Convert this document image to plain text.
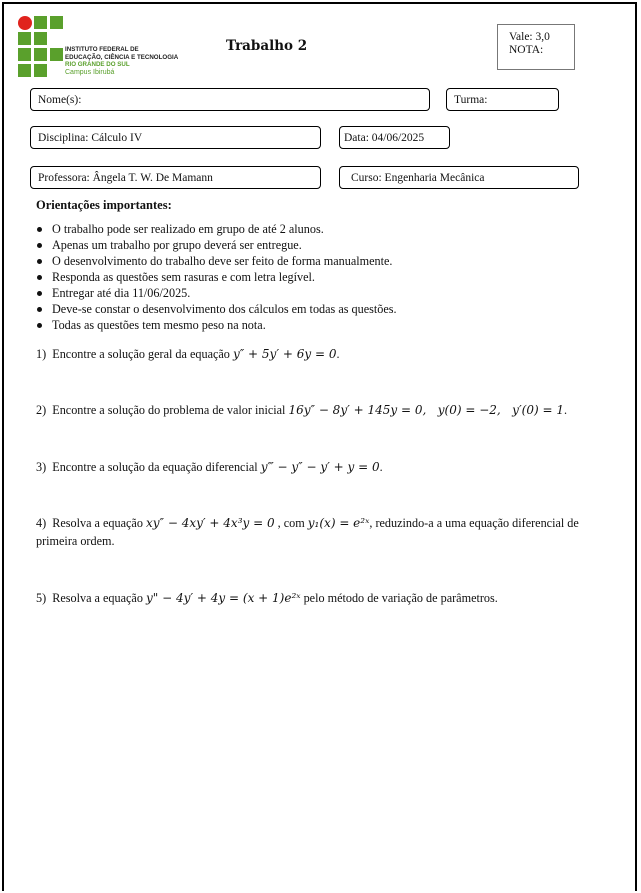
INSTITUTO FEDERAL DE
EDUCAÇÃO, CIÊNCIA E TECNOLOGIA
RIO GRANDE DO SUL
Campus Ibirubá
Trabalho 2
Vale: 3,0
NOTA:
Nome(s):	Turma:
Disciplina: Cálculo IV	Data: 04/06/2025
Professora: Ângela T. W. De Mamann	Curso: Engenharia Mecânica
Orientações importantes:
O trabalho pode ser realizado em grupo de até 2 alunos.
Apenas um trabalho por grupo deverá ser entregue.
O desenvolvimento do trabalho deve ser feito de forma manualmente.
Responda as questões sem rasuras e com letra legível.
Entregar até dia 11/06/2025.
Deve-se constar o desenvolvimento dos cálculos em todas as questões.
Todas as questões tem mesmo peso na nota.
1) Encontre a solução geral da equação y″ + 5y′ + 6y = 0.
2) Encontre a solução do problema de valor inicial 16y″ − 8y′ + 145y = 0,   y(0) = −2,   y′(0) = 1.
3) Encontre a solução da equação diferencial y‴ − y″ − y′ + y = 0.
4) Resolva a equação xy″ − 4xy′ + 4x³y = 0 , com y₁(x) = e²ˣ, reduzindo-a a uma equação diferencial de primeira ordem.
5) Resolva a equação y" − 4y′ + 4y = (x + 1)e²ˣ pelo método de variação de parâmetros.
